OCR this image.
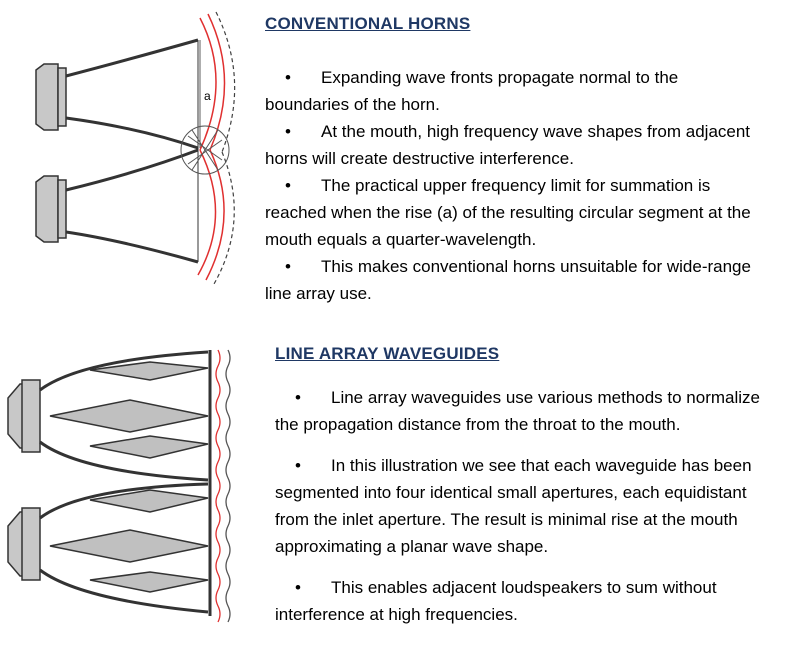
a
CONVENTIONAL HORNS

• Expanding wave fronts propagate normal to the boundaries of the horn.

• At the mouth, high frequency wave shapes from adjacent horns will create destructive interference.

• The practical upper frequency limit for summation is reached when the rise (a) of the resulting circular segment at the mouth equals a quarter-wavelength.

• This makes conventional horns unsuitable for wide-range line array use.

LINE ARRAY WAVEGUIDES

• Line array waveguides use various methods to normalize the propagation distance from the throat to the mouth.

• In this illustration we see that each waveguide has been segmented into four identical small apertures, each equidistant from the inlet aperture. The result is minimal rise at the mouth approximating a planar wave shape.

• This enables adjacent loudspeakers to sum without interference at high frequencies.
